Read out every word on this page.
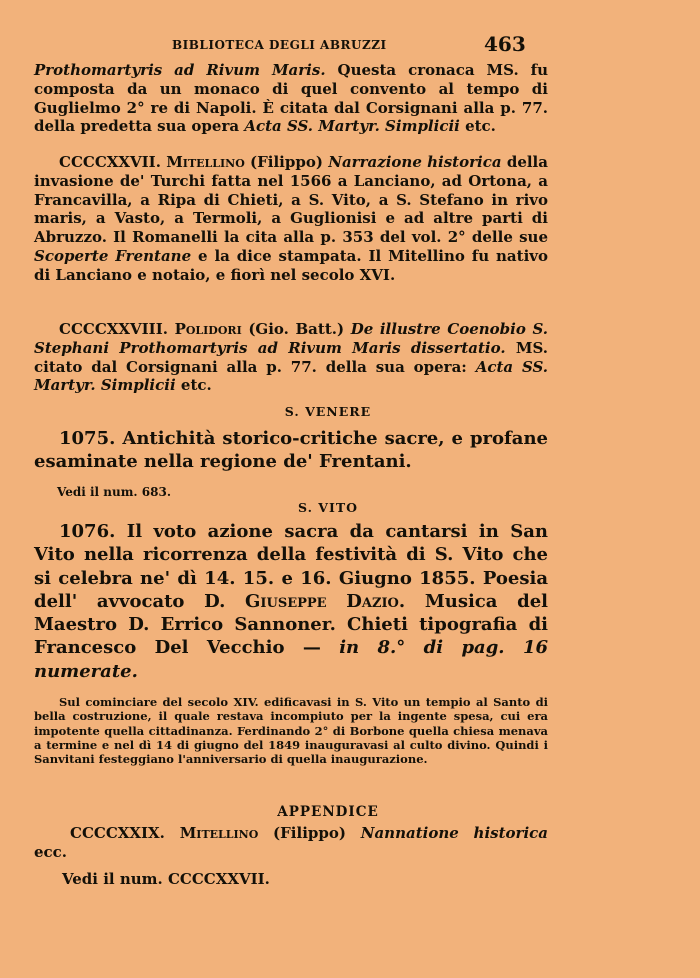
BIBLIOTECA DEGLI ABRUZZI	463

Prothomartyris ad Rivum Maris. Questa cronaca MS. fu composta da un monaco di quel convento al tempo di Guglielmo 2° re di Napoli. È citata dal Corsignani alla p. 77. della predetta sua opera Acta SS. Martyr. Simplicii etc.

CCCCXXVII. Mitellino (Filippo) Narrazione historica della invasione de' Turchi fatta nel 1566 a Lanciano, ad Ortona, a Francavilla, a Ripa di Chieti, a S. Vito, a S. Stefano in rivo maris, a Vasto, a Termoli, a Guglionisi e ad altre parti di Abruzzo. Il Romanelli la cita alla p. 353 del vol. 2° delle sue Scoperte Frentane e la dice stampata. Il Mitellino fu nativo di Lanciano e notaio, e fiorì nel secolo XVI.

CCCCXXVIII. Polidori (Gio. Batt.) De illustre Coenobio S. Stephani Prothomartyris ad Rivum Maris dissertatio. MS. citato dal Corsignani alla p. 77. della sua opera: Acta SS. Martyr. Simplicii etc.

S. VENERE

1075. Antichità storico-critiche sacre, e profane esaminate nella regione de' Frentani.

Vedi il num. 683.
S. VITO

1076. Il voto azione sacra da cantarsi in San Vito nella ricorrenza della festività di S. Vito che si celebra ne' dì 14. 15. e 16. Giugno 1855. Poesia dell' avvocato D. Giuseppe Dazio. Musica del Maestro D. Errico Sannoner. Chieti tipografia di Francesco Del Vecchio — in 8.° di pag. 16 numerate.

Sul cominciare del secolo XIV. edificavasi in S. Vito un tempio al Santo di bella costruzione, il quale restava incompiuto per la ingente spesa, cui era impotente quella cittadinanza. Ferdinando 2° di Borbone quella chiesa menava a termine e nel dì 14 di giugno del 1849 inauguravasi al culto divino. Quindi i Sanvitani festeggiano l'anniversario di quella inaugurazione.

APPENDICE

CCCCXXIX. Mitellino (Filippo) Nannatione historica ecc.

Vedi il num. CCCCXXVII.
